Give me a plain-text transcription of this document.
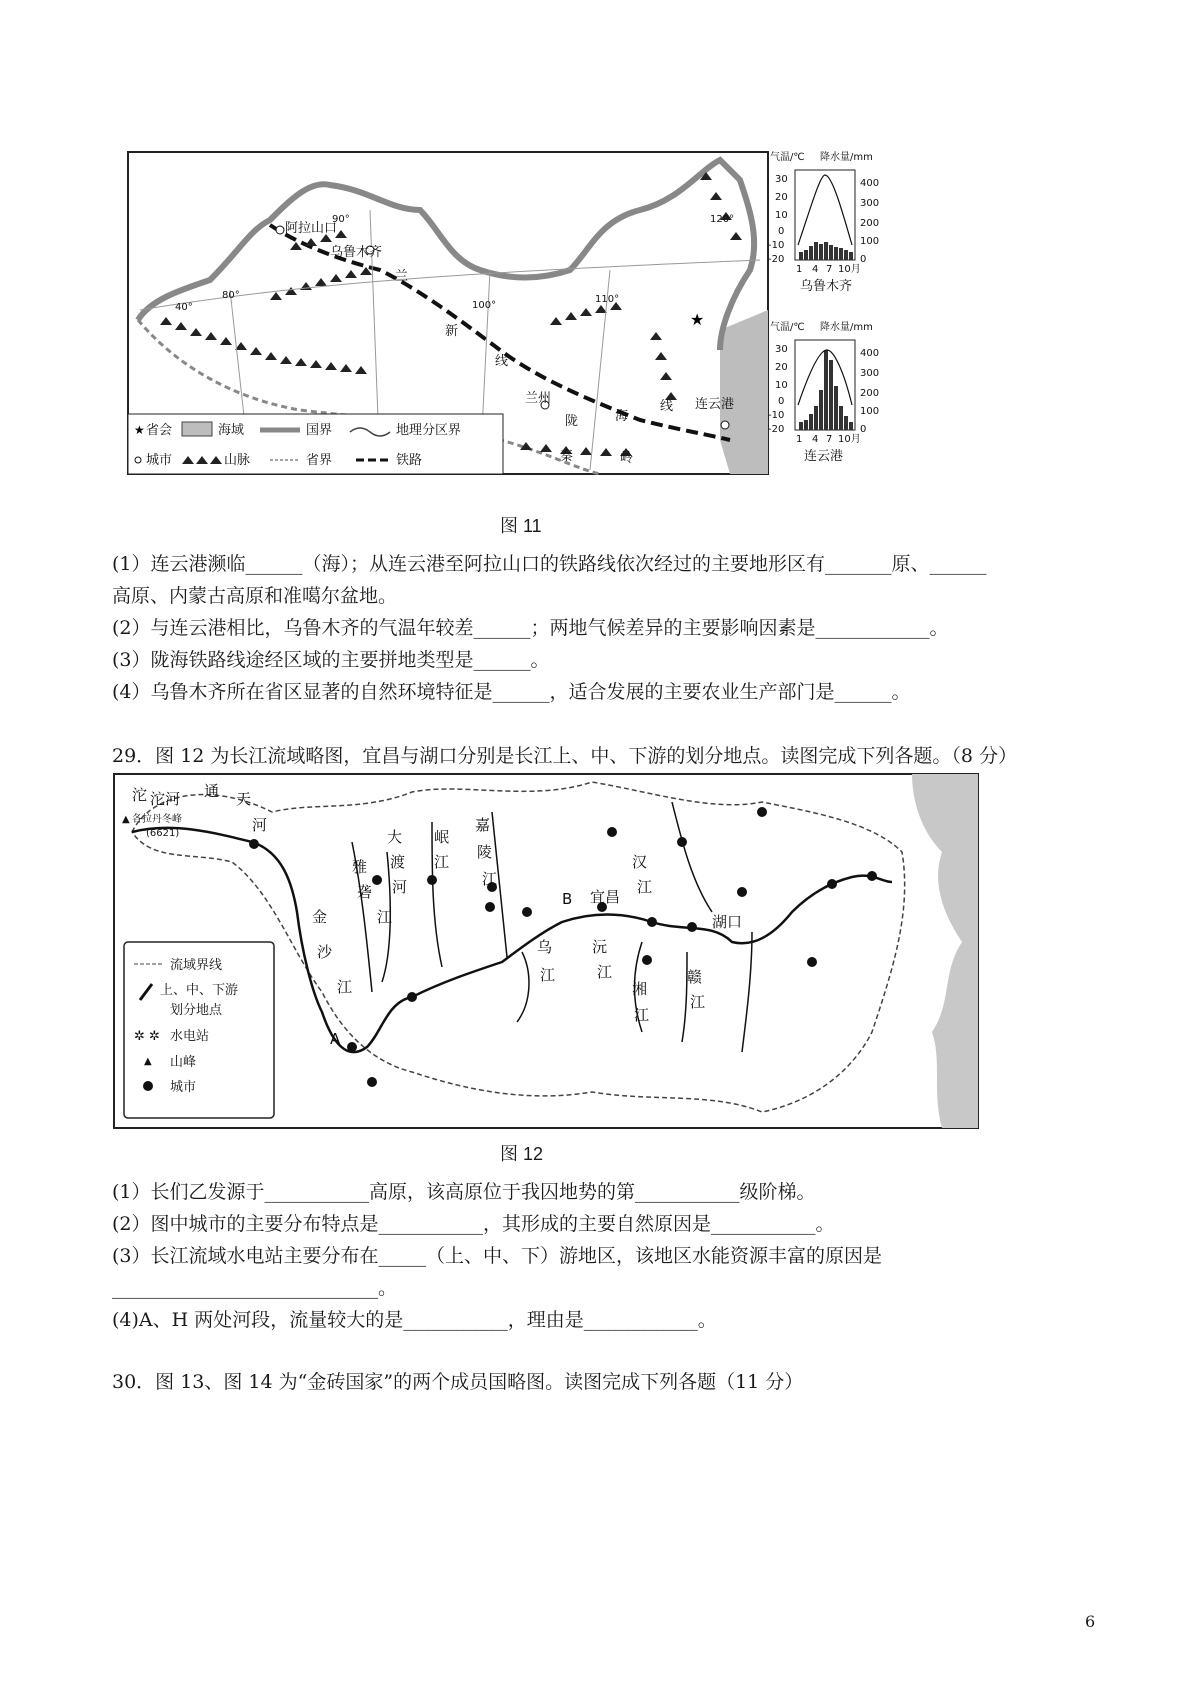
★
阿拉山口
乌鲁木齐
兰
新
线
兰州
陇	海
线 连云港
秦	岭
90°
80°
40°	100°
110°
120°
★ 省会	海域	国界	地理分区界
城市	山脉	省界	铁路
气温/℃ 降水量/mm
30
20
10
0
-10
-20
400
300
200
100
0
1 4 7 10月
乌鲁木齐
气温/℃ 降水量/mm
30
20
10
0
-10
-20
400
300
200
100
0
1 4 7 10月
连云港
图 11
(1）连云港濒临______（海）；从连云港至阿拉山口的铁路线依次经过的主要地形区有_______原、______
高原、内蒙古高原和准噶尔盆地。
(2）与连云港相比，乌鲁木齐的气温年较差______；两地气候差异的主要影响因素是____________。
(3）陇海铁路线途经区域的主要拼地类型是______。
(4）乌鲁木齐所在省区显著的自然环境特征是______，适合发展的主要农业生产部门是______。
29．图 12 为长江流域略图，宜昌与湖口分别是长江上、中、下游的划分地点。读图完成下列各题。（8 分）
沱 沱河 通 天
河
▲ 各拉丹冬峰
(6621)
金
沙
江
雅
砻
江
大
渡
河
岷
江
嘉
陵
江
乌
江
B 宜昌
汉
江
沅
江
湘
江
赣
江
湖口
A
流域界线
上、中、下游
划分地点
✲ ✲ 水电站
▲ 山峰
城市
图 12
(1）长们乙发源于___________高原，该高原位于我囚地势的第___________级阶梯。
(2）图中城市的主要分布特点是___________，其形成的主要自然原因是___________。
(3）长江流域水电站主要分布在_____（上、中、下）游地区，该地区水能资源丰富的原因是
____________________________。
(4)A、H 两处河段，流量较大的是___________，理由是____________。
30．图 13、图 14 为“金砖国家”的两个成员国略图。读图完成下列各题（11 分）
6
